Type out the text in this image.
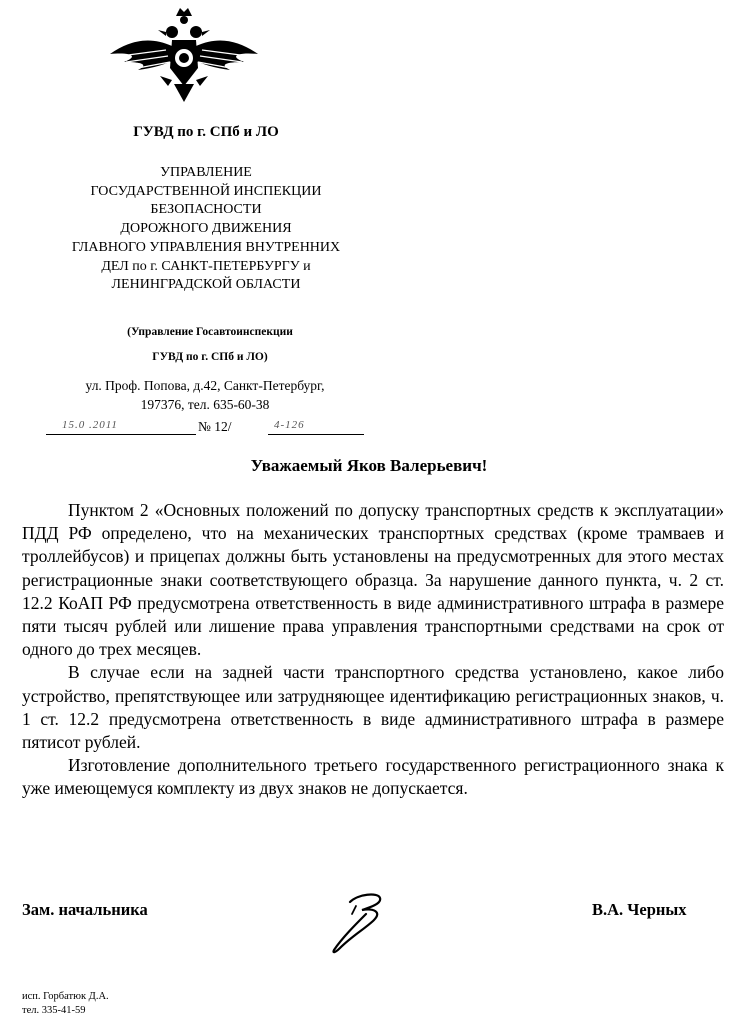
ГУВД по г. СПб и ЛО
УПРАВЛЕНИЕ
ГОСУДАРСТВЕННОЙ ИНСПЕКЦИИ
БЕЗОПАСНОСТИ
ДОРОЖНОГО ДВИЖЕНИЯ
ГЛАВНОГО УПРАВЛЕНИЯ ВНУТРЕННИХ
ДЕЛ по г. САНКТ-ПЕТЕРБУРГУ и
ЛЕНИНГРАДСКОЙ ОБЛАСТИ
(Управление Госавтоинспекции
ГУВД по г. СПб и ЛО)
ул. Проф. Попова, д.42, Санкт-Петербург,
197376, тел. 635-60-38
15.0 .2011	№ 12/	4-126
Уважаемый Яков Валерьевич!

Пунктом 2 «Основных положений по допуску транспортных средств к эксплуатации» ПДД РФ определено, что на механических транспортных средствах (кроме трамваев и троллейбусов) и прицепах должны быть установлены на предусмотренных для этого местах регистрационные знаки соответствующего образца. За нарушение данного пункта, ч. 2 ст. 12.2 КоАП РФ предусмотрена ответственность в виде административного штрафа в размере пяти тысяч рублей или лишение права управления транспортными средствами на срок от одного до трех месяцев.

В случае если на задней части транспортного средства установлено, какое либо устройство, препятствующее или затрудняющее идентификацию регистрационных знаков, ч. 1 ст. 12.2 предусмотрена ответственность в виде административного штрафа в размере пятисот рублей.

Изготовление дополнительного третьего государственного регистрационного знака к уже имеющемуся комплекту из двух знаков не допускается.

Зам. начальника	В.А. Черных
исп. Горбатюк Д.А.
тел. 335-41-59
